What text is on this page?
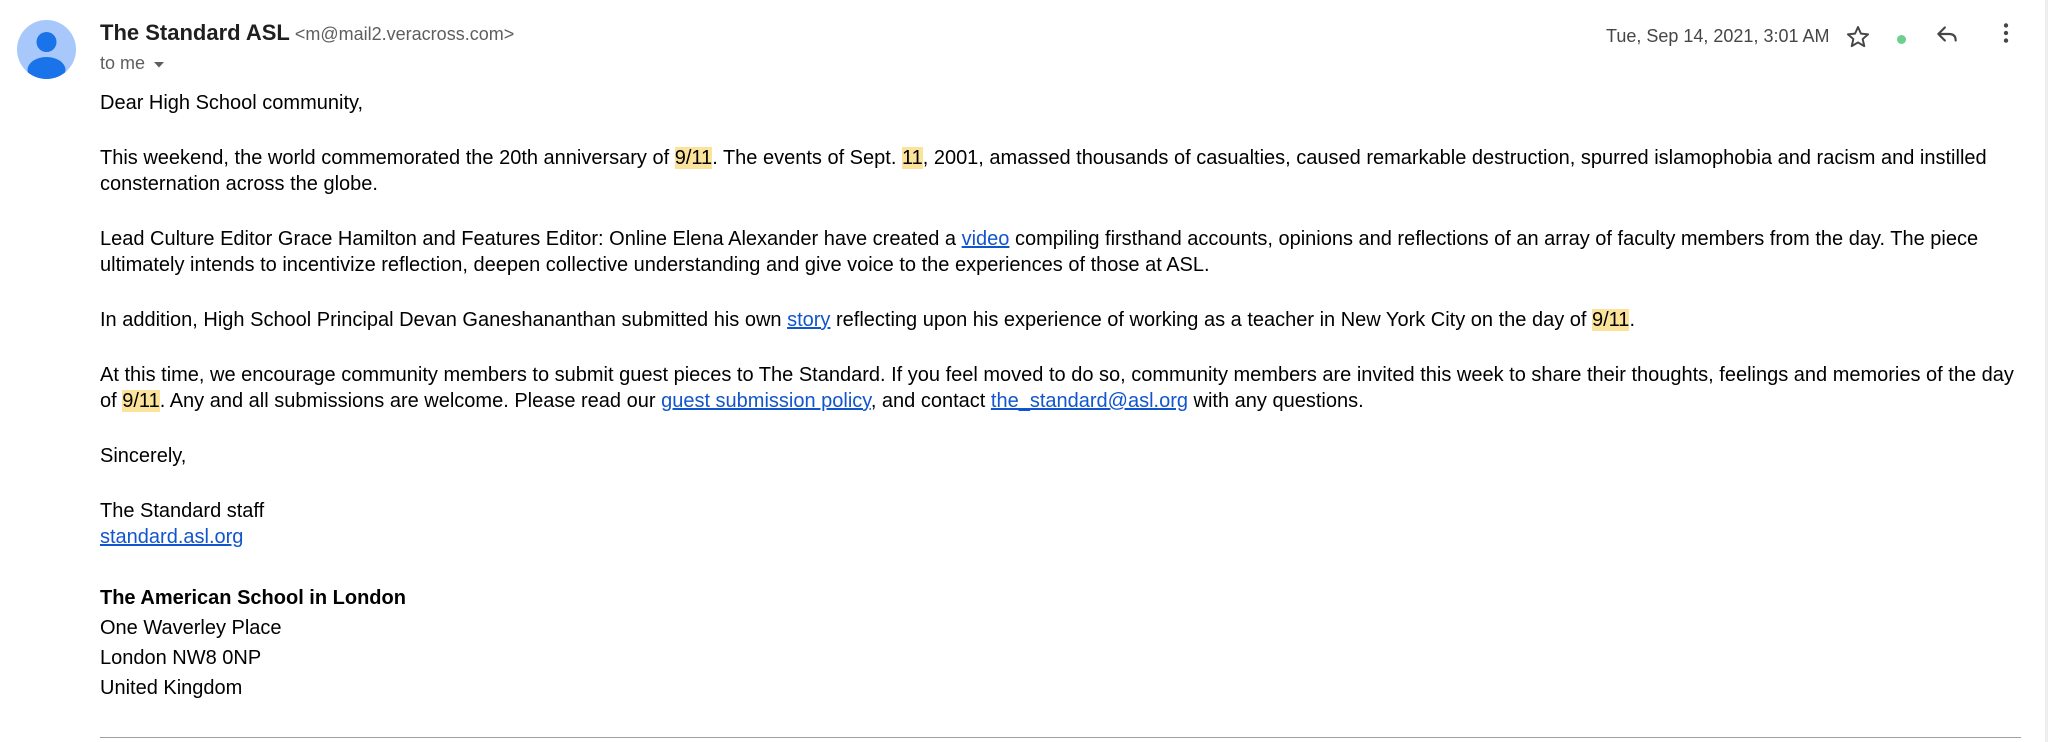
The Standard ASL <m@mail2.veracross.com>
to me
Tue, Sep 14, 2021, 3:01 AM

Dear High School community,

This weekend, the world commemorated the 20th anniversary of 9/11. The events of Sept. 11, 2001, amassed thousands of casualties, caused remarkable destruction, spurred islamophobia and racism and instilled consternation across the globe.

Lead Culture Editor Grace Hamilton and Features Editor: Online Elena Alexander have created a video compiling firsthand accounts, opinions and reflections of an array of faculty members from the day. The piece ultimately intends to incentivize reflection, deepen collective understanding and give voice to the experiences of those at ASL.

In addition, High School Principal Devan Ganeshananthan submitted his own story reflecting upon his experience of working as a teacher in New York City on the day of 9/11.

At this time, we encourage community members to submit guest pieces to The Standard. If you feel moved to do so, community members are invited this week to share their thoughts, feelings and memories of the day of 9/11. Any and all submissions are welcome. Please read our guest submission policy, and contact the_standard@asl.org with any questions.

Sincerely,

The Standard staff

standard.asl.org

The American School in London
One Waverley Place
London NW8 0NP
United Kingdom
